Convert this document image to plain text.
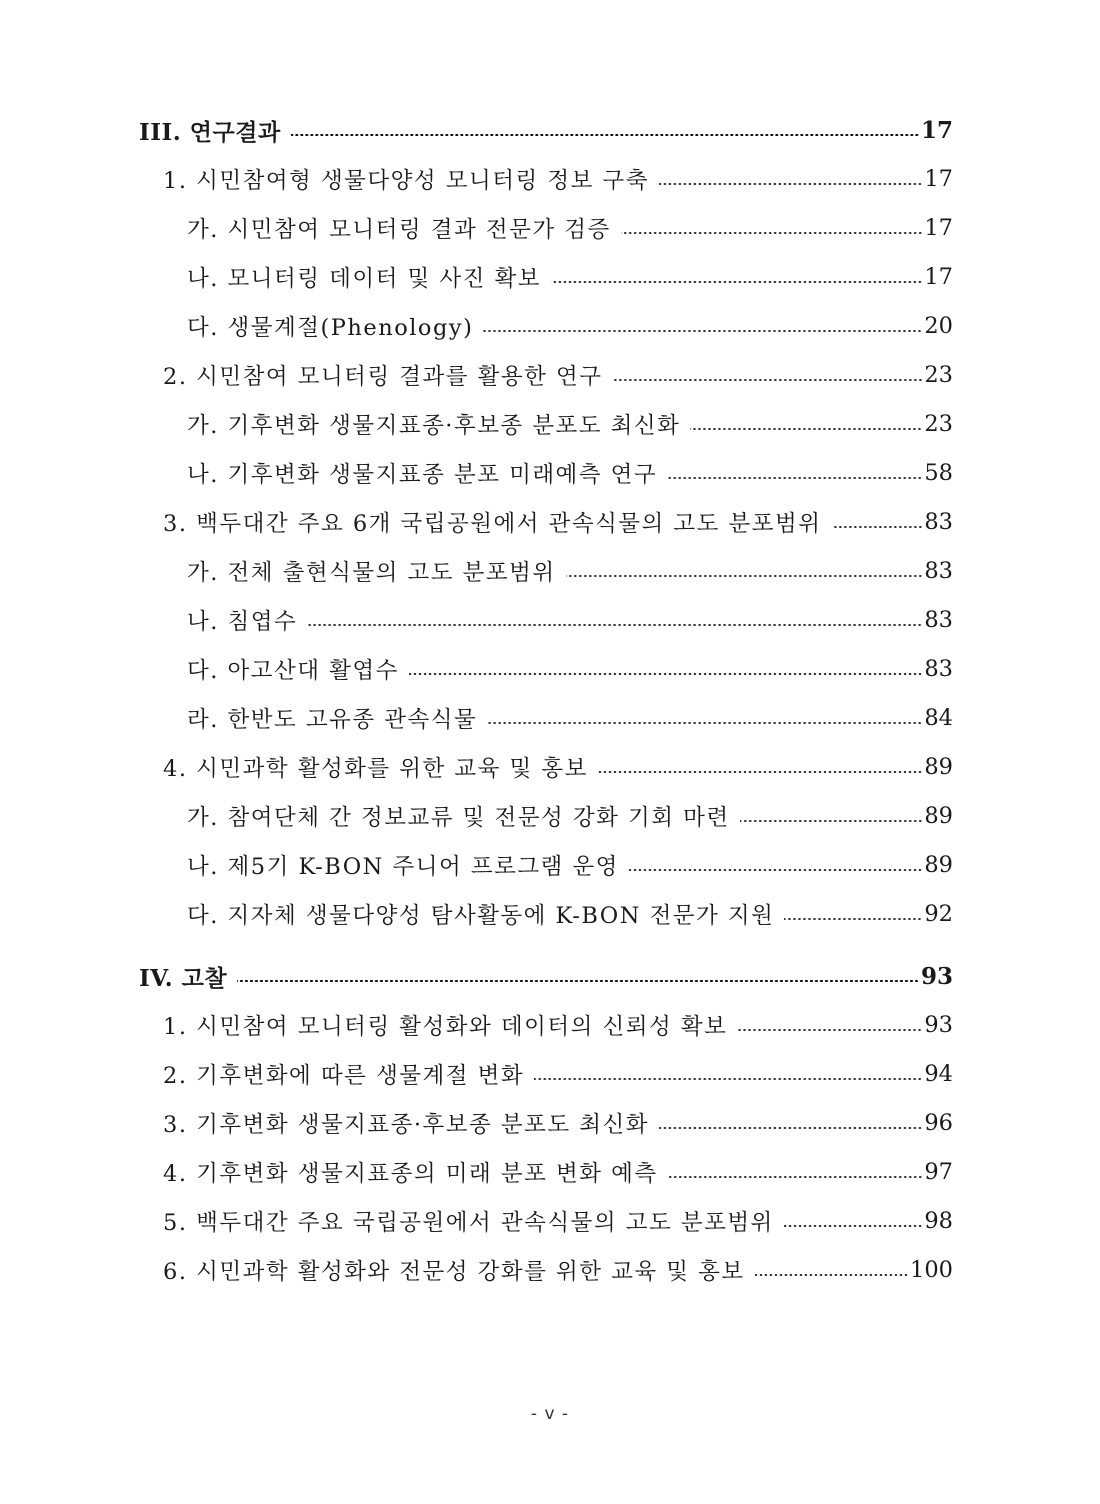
III. 연구결과	17
1. 시민참여형 생물다양성 모니터링 정보 구축	17
가. 시민참여 모니터링 결과 전문가 검증	17
나. 모니터링 데이터 및 사진 확보	17
다. 생물계절(Phenology)	20
2. 시민참여 모니터링 결과를 활용한 연구	23
가. 기후변화 생물지표종·후보종 분포도 최신화	23
나. 기후변화 생물지표종 분포 미래예측 연구	58
3. 백두대간 주요 6개 국립공원에서 관속식물의 고도 분포범위	83
가. 전체 출현식물의 고도 분포범위	83
나. 침엽수	83
다. 아고산대 활엽수	83
라. 한반도 고유종 관속식물	84
4. 시민과학 활성화를 위한 교육 및 홍보	89
가. 참여단체 간 정보교류 및 전문성 강화 기회 마련	89
나. 제5기 K-BON 주니어 프로그램 운영	89
다. 지자체 생물다양성 탐사활동에 K-BON 전문가 지원	92
IV. 고찰	93
1. 시민참여 모니터링 활성화와 데이터의 신뢰성 확보	93
2. 기후변화에 따른 생물계절 변화	94
3. 기후변화 생물지표종·후보종 분포도 최신화	96
4. 기후변화 생물지표종의 미래 분포 변화 예측	97
5. 백두대간 주요 국립공원에서 관속식물의 고도 분포범위	98
6. 시민과학 활성화와 전문성 강화를 위한 교육 및 홍보	100
- v -
